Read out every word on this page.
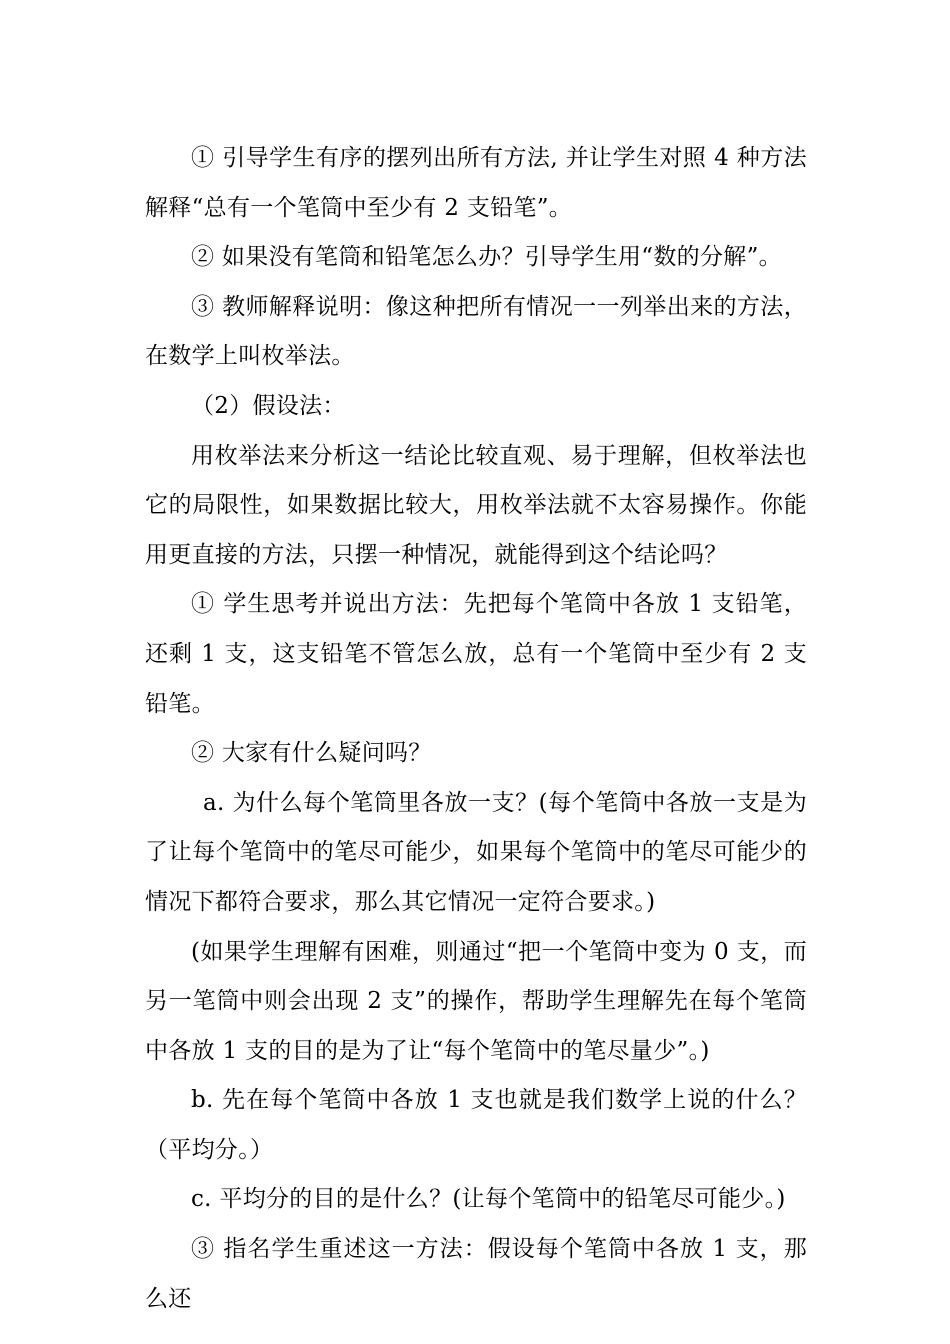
① 引导学生有序的摆列出所有方法, 并让学生对照 4 种方法解释“总有一个笔筒中至少有 2 支铅笔”。

② 如果没有笔筒和铅笔怎么办？引导学生用“数的分解”。

③ 教师解释说明：像这种把所有情况一一列举出来的方法，在数学上叫枚举法。

（2）假设法：

用枚举法来分析这一结论比较直观、易于理解，但枚举法也它的局限性，如果数据比较大，用枚举法就不太容易操作。你能用更直接的方法，只摆一种情况，就能得到这个结论吗？

① 学生思考并说出方法：先把每个笔筒中各放 1 支铅笔，还剩 1 支，这支铅笔不管怎么放，总有一个笔筒中至少有 2 支铅笔。

② 大家有什么疑问吗？

a. 为什么每个笔筒里各放一支？(每个笔筒中各放一支是为了让每个笔筒中的笔尽可能少，如果每个笔筒中的笔尽可能少的情况下都符合要求，那么其它情况一定符合要求。)

(如果学生理解有困难，则通过“把一个笔筒中变为 0 支，而另一笔筒中则会出现 2 支”的操作，帮助学生理解先在每个笔筒中各放 1 支的目的是为了让“每个笔筒中的笔尽量少”。)

b. 先在每个笔筒中各放 1 支也就是我们数学上说的什么？（平均分。）

c. 平均分的目的是什么？(让每个笔筒中的铅笔尽可能少。)

③ 指名学生重述这一方法：假设每个笔筒中各放 1 支，那么还
